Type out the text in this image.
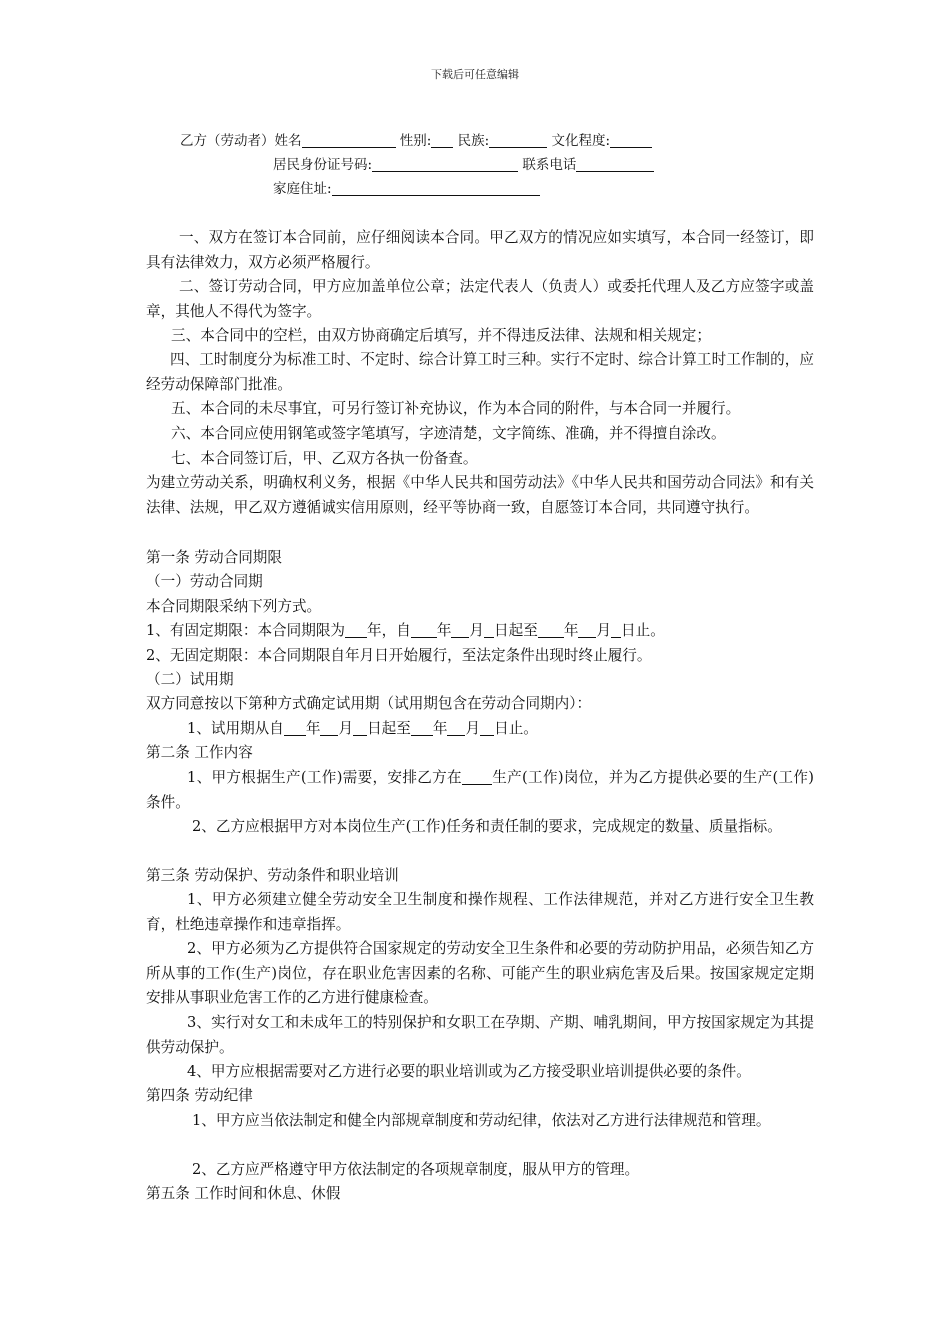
下载后可任意编辑
乙方（劳动者）姓名	性别: 民族:	文化程度:
居民身份证号码:	联系电话
家庭住址:
一、双方在签订本合同前，应仔细阅读本合同。甲乙双方的情况应如实填写，本合同一经签订，即具有法律效力，双方必须严格履行。
二、签订劳动合同，甲方应加盖单位公章；法定代表人（负责人）或委托代理人及乙方应签字或盖章，其他人不得代为签字。
三、本合同中的空栏，由双方协商确定后填写，并不得违反法律、法规和相关规定；
四、工时制度分为标准工时、不定时、综合计算工时三种。实行不定时、综合计算工时工作制的，应经劳动保障部门批准。
五、本合同的未尽事宜，可另行签订补充协议，作为本合同的附件，与本合同一并履行。
六、本合同应使用钢笔或签字笔填写，字迹清楚，文字简练、准确，并不得擅自涂改。
七、本合同签订后，甲、乙双方各执一份备查。
为建立劳动关系，明确权利义务，根据《中华人民共和国劳动法》《中华人民共和国劳动合同法》和有关法律、法规，甲乙双方遵循诚实信用原则，经平等协商一致，自愿签订本合同，共同遵守执行。
第一条 劳动合同期限
（一）劳动合同期
本合同期限采纳下列方式。
1、有固定期限：本合同期限为 年，自 年 月 日起至 年 月 日止。
2、无固定期限：本合同期限自年月日开始履行，至法定条件出现时终止履行。
（二）试用期
双方同意按以下第种方式确定试用期（试用期包含在劳动合同期内）：
1、试用期从自 年 月 日起至 年 月 日止。
第二条 工作内容
1、甲方根据生产(工作)需要，安排乙方在 生产(工作)岗位，并为乙方提供必要的生产(工作)条件。
2、乙方应根据甲方对本岗位生产(工作)任务和责任制的要求，完成规定的数量、质量指标。
第三条 劳动保护、劳动条件和职业培训
1、甲方必须建立健全劳动安全卫生制度和操作规程、工作法律规范，并对乙方进行安全卫生教育，杜绝违章操作和违章指挥。
2、甲方必须为乙方提供符合国家规定的劳动安全卫生条件和必要的劳动防护用品，必须告知乙方所从事的工作(生产)岗位，存在职业危害因素的名称、可能产生的职业病危害及后果。按国家规定定期安排从事职业危害工作的乙方进行健康检查。
3、实行对女工和未成年工的特别保护和女职工在孕期、产期、哺乳期间，甲方按国家规定为其提供劳动保护。
4、甲方应根据需要对乙方进行必要的职业培训或为乙方接受职业培训提供必要的条件。
第四条 劳动纪律
1、甲方应当依法制定和健全内部规章制度和劳动纪律，依法对乙方进行法律规范和管理。
2、乙方应严格遵守甲方依法制定的各项规章制度，服从甲方的管理。
第五条 工作时间和休息、休假
